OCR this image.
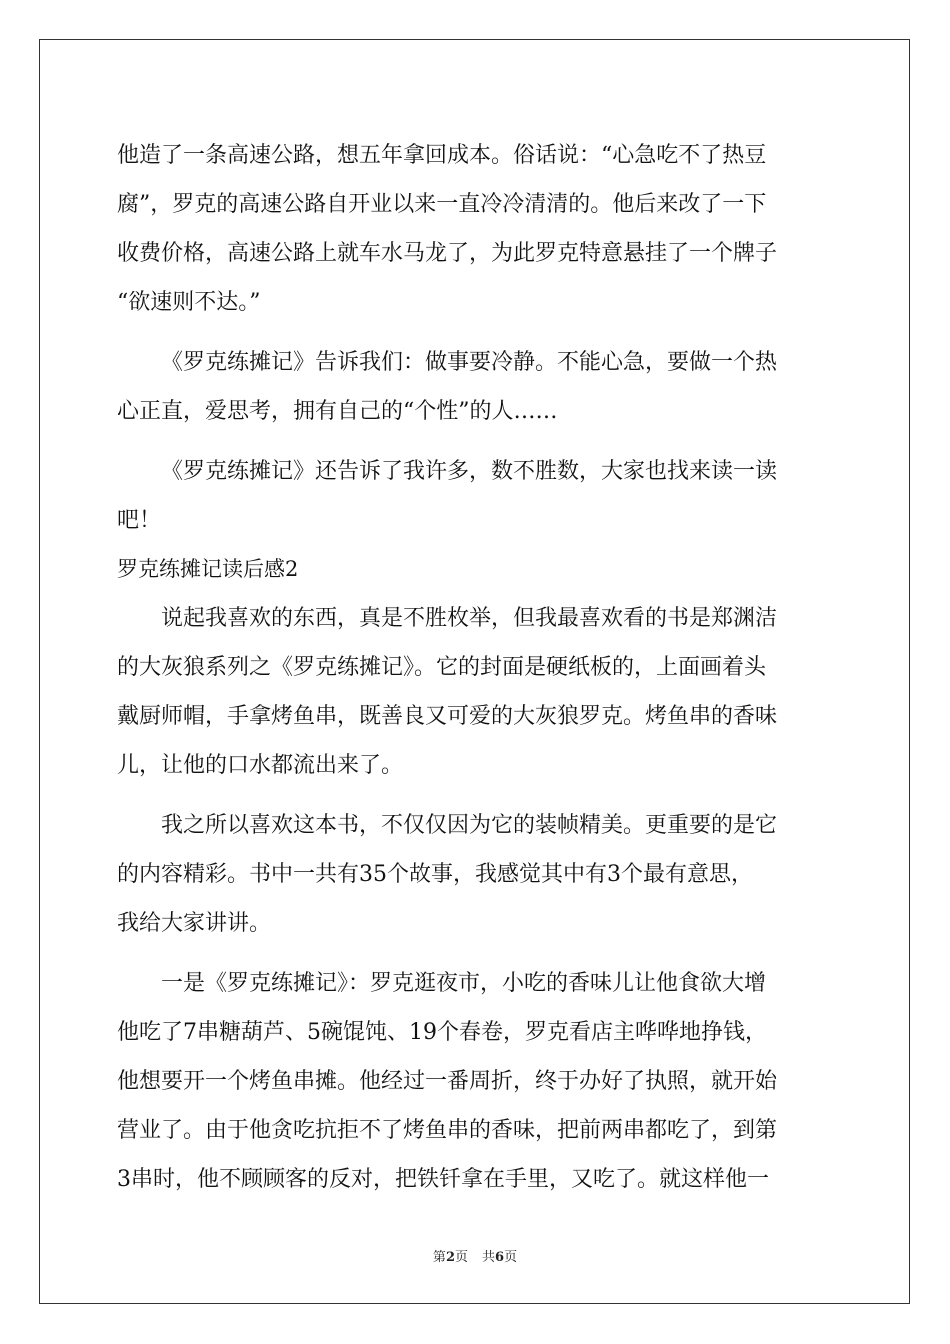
他造了一条高速公路，想五年拿回成本。俗话说：“心急吃不了热豆
腐”，罗克的高速公路自开业以来一直冷冷清清的。他后来改了一下
收费价格，高速公路上就车水马龙了，为此罗克特意悬挂了一个牌子
“欲速则不达。”
《罗克练摊记》告诉我们：做事要冷静。不能心急，要做一个热
心正直，爱思考，拥有自己的“个性”的人……
《罗克练摊记》还告诉了我许多，数不胜数，大家也找来读一读
吧！
罗克练摊记读后感2
说起我喜欢的东西，真是不胜枚举，但我最喜欢看的书是郑渊洁
的大灰狼系列之《罗克练摊记》。它的封面是硬纸板的，上面画着头
戴厨师帽，手拿烤鱼串，既善良又可爱的大灰狼罗克。烤鱼串的香味
儿，让他的口水都流出来了。
我之所以喜欢这本书，不仅仅因为它的装帧精美。更重要的是它
的内容精彩。书中一共有35个故事，我感觉其中有3个最有意思，
我给大家讲讲。
一是《罗克练摊记》：罗克逛夜市，小吃的香味儿让他食欲大增
他吃了7串糖葫芦、5碗馄饨、19个春卷，罗克看店主哗哗地挣钱，
他想要开一个烤鱼串摊。他经过一番周折，终于办好了执照，就开始
营业了。由于他贪吃抗拒不了烤鱼串的香味，把前两串都吃了，到第
3串时，他不顾顾客的反对，把铁钎拿在手里，又吃了。就这样他一
第2页 共6页
